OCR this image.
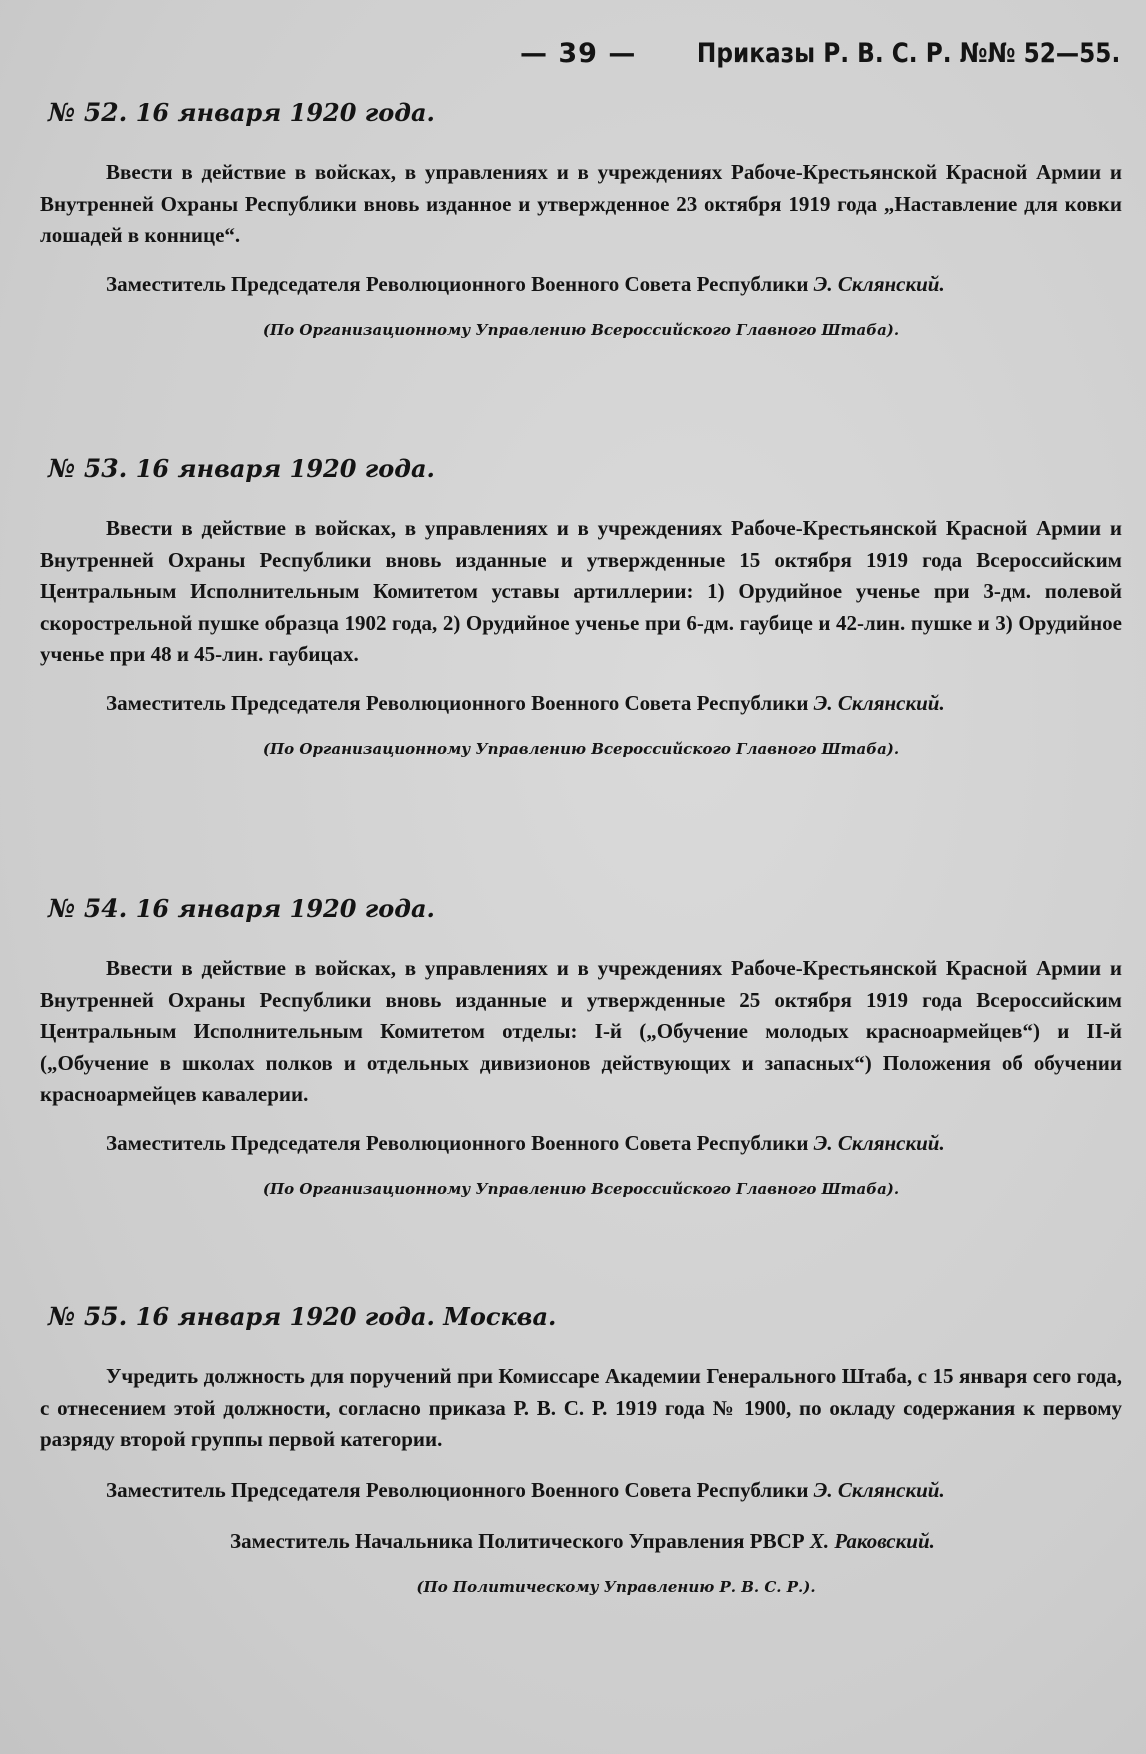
— 39 — Приказы Р. В. С. Р. №№ 52—55.
№ 52. 16 января 1920 года.

Ввести в действие в войсках, в управлениях и в учреждениях Рабоче-Крестьянской Красной Армии и Внутренней Охраны Республики вновь изданное и утвержденное 23 октября 1919 года „Наставление для ковки лошадей в коннице“.

Заместитель Председателя Революционного Военного Совета Республики Э. Склянский.
(По Организационному Управлению Всероссийского Главного Штаба).
№ 53. 16 января 1920 года.

Ввести в действие в войсках, в управлениях и в учреждениях Рабоче-Крестьянской Красной Армии и Внутренней Охраны Республики вновь изданные и утвержденные 15 октября 1919 года Всероссийским Центральным Исполнительным Комитетом уставы артиллерии: 1) Орудийное ученье при 3-дм. полевой скорострельной пушке образца 1902 года, 2) Орудийное ученье при 6-дм. гаубице и 42-лин. пушке и 3) Орудийное ученье при 48 и 45-лин. гаубицах.

Заместитель Председателя Революционного Военного Совета Республики Э. Склянский.
(По Организационному Управлению Всероссийского Главного Штаба).
№ 54. 16 января 1920 года.

Ввести в действие в войсках, в управлениях и в учреждениях Рабоче-Крестьянской Красной Армии и Внутренней Охраны Республики вновь изданные и утвержденные 25 октября 1919 года Всероссийским Центральным Исполнительным Комитетом отделы: I-й („Обучение молодых красноармейцев“) и II-й („Обучение в школах полков и отдельных дивизионов действующих и запасных“) Положения об обучении красноармейцев кавалерии.

Заместитель Председателя Революционного Военного Совета Республики Э. Склянский.
(По Организационному Управлению Всероссийского Главного Штаба).
№ 55. 16 января 1920 года. Москва.

Учредить должность для поручений при Комиссаре Академии Генерального Штаба, с 15 января сего года, с отнесением этой должности, согласно приказа Р. В. С. Р. 1919 года № 1900, по окладу содержания к первому разряду второй группы первой категории.

Заместитель Председателя Революционного Военного Совета Республики Э. Склянский.
Заместитель Начальника Политического Управления РВСР Х. Раковский.
(По Политическому Управлению Р. В. С. Р.).
